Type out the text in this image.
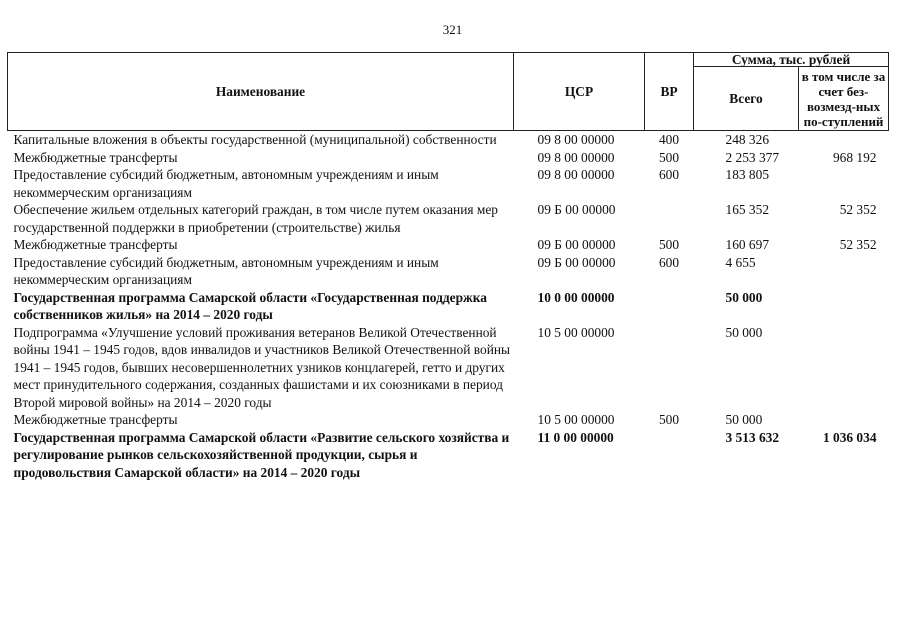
321
Наименование	ЦСР	ВР	Сумма, тыс. рублей	
			Всего	в том числе за счет без-возмезд-ных по-ступлений
Капитальные вложения в объекты государственной (муниципальной) собственности	09 8 00 00000	400	248 326	
Межбюджетные трансферты	09 8 00 00000	500	2 253 377	968 192
Предоставление субсидий бюджетным, автономным учреждениям и иным некоммерческим организациям	09 8 00 00000	600	183 805	
Обеспечение жильем отдельных категорий граждан, в том числе путем оказания мер государственной поддержки в приобретении (строительстве) жилья	09 Б 00 00000		165 352	52 352
Межбюджетные трансферты	09 Б 00 00000	500	160 697	52 352
Предоставление субсидий бюджетным, автономным учреждениям и иным некоммерческим организациям	09 Б 00 00000	600	4 655	
Государственная программа Самарской области «Государственная поддержка собственников жилья» на 2014 – 2020 годы	10 0 00 00000		50 000	
Подпрограмма «Улучшение условий проживания ветеранов Великой Отечественной войны 1941 – 1945 годов, вдов инвалидов и участников Великой Отечественной войны 1941 – 1945 годов, бывших несовершеннолетних узников концлагерей, гетто и других мест принудительного содержания, созданных фашистами и их союзниками в период Второй мировой войны» на 2014 – 2020 годы	10 5 00 00000		50 000	
Межбюджетные трансферты	10 5 00 00000	500	50 000	
Государственная программа Самарской области «Развитие сельского хозяйства и регулирование рынков сельскохозяйственной продукции, сырья и продовольствия Самарской области» на 2014 – 2020 годы	11 0 00 00000		3 513 632	1 036 034
